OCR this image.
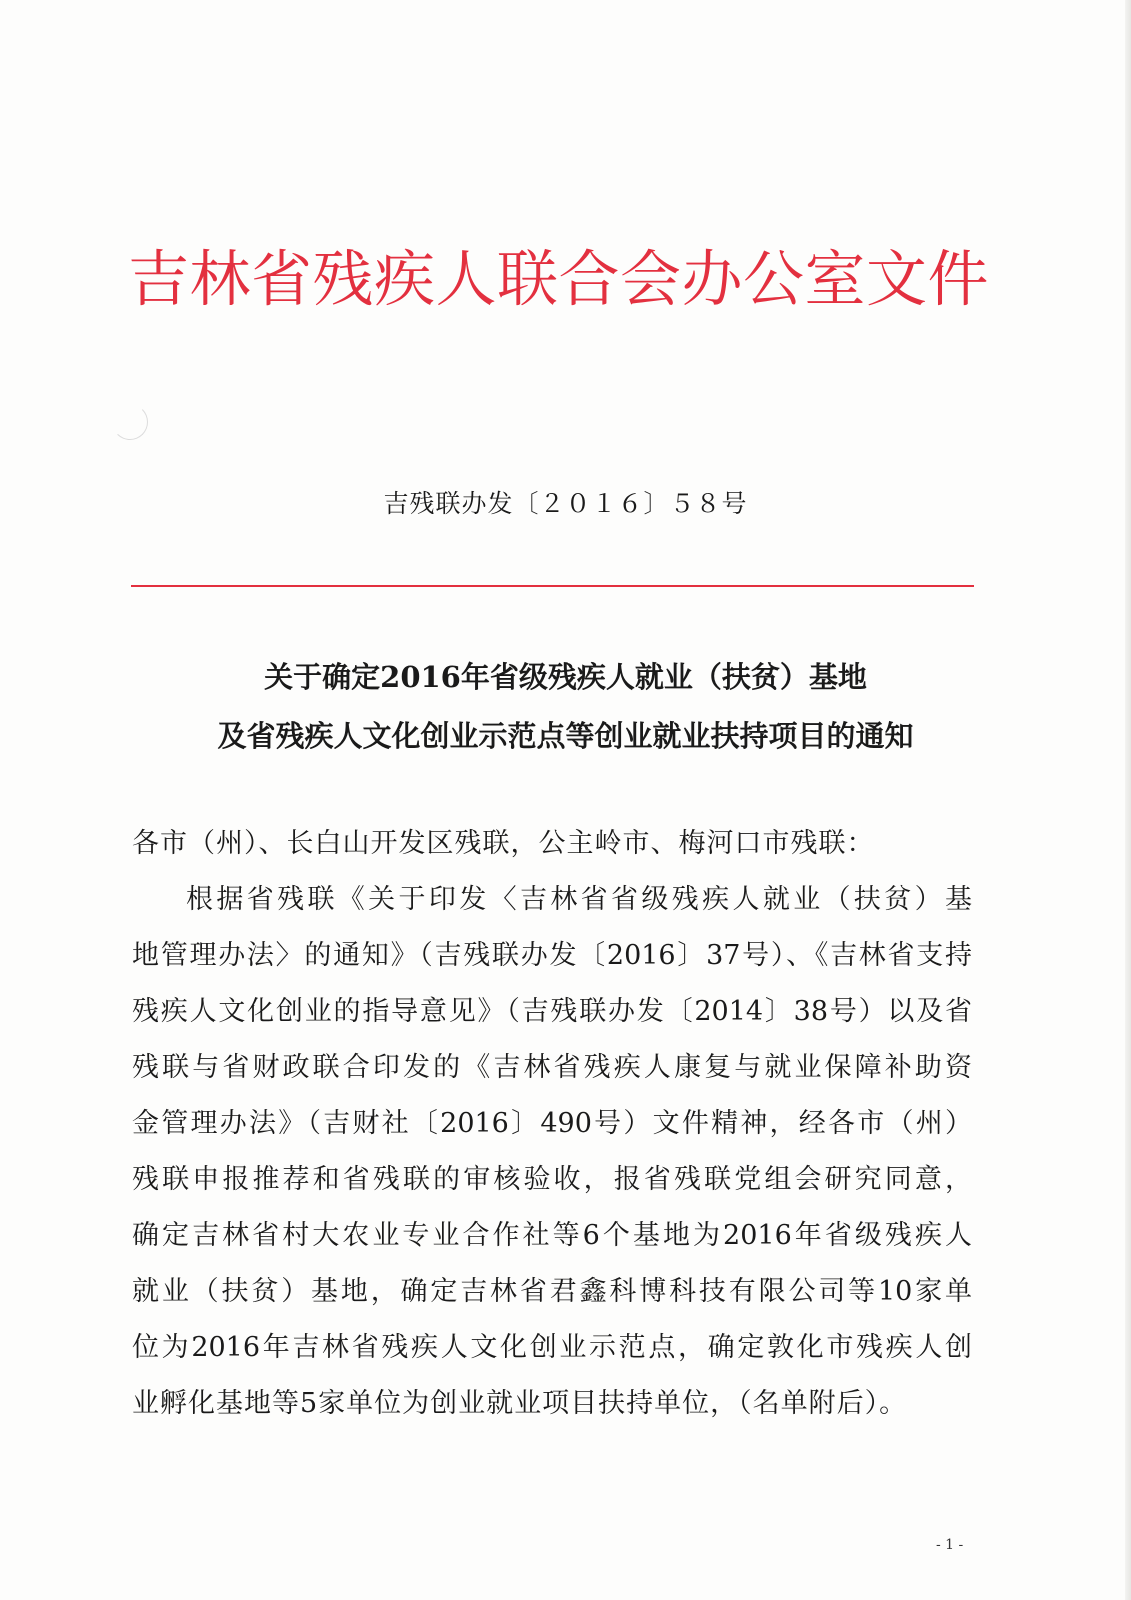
吉林省残疾人联合会办公室文件
吉残联办发〔２０１６〕５８号
关于确定2016年省级残疾人就业（扶贫）基地
及省残疾人文化创业示范点等创业就业扶持项目的通知
各市（州）、长白山开发区残联，公主岭市、梅河口市残联：
根据省残联《关于印发〈吉林省省级残疾人就业（扶贫）基
地管理办法〉的通知》（吉残联办发〔2016〕37号）、《吉林省支持
残疾人文化创业的指导意见》（吉残联办发〔2014〕38号）以及省
残联与省财政联合印发的《吉林省残疾人康复与就业保障补助资
金管理办法》（吉财社〔2016〕490号）文件精神，经各市（州）
残联申报推荐和省残联的审核验收，报省残联党组会研究同意，
确定吉林省村大农业专业合作社等6个基地为2016年省级残疾人
就业（扶贫）基地，确定吉林省君鑫科博科技有限公司等10家单
位为2016年吉林省残疾人文化创业示范点，确定敦化市残疾人创
业孵化基地等5家单位为创业就业项目扶持单位，（名单附后）。
- 1 -
